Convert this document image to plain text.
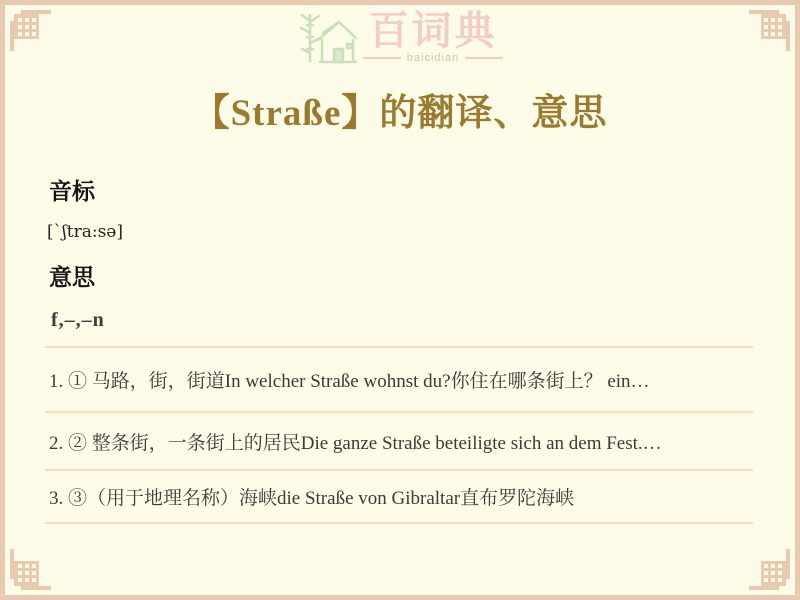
百词典
baicidian
【Straße】的翻译、意思
音标
[`ʃtra:sə]
意思
f,–,–n
1. ① 马路，街，街道In welcher Straße wohnst du?你住在哪条街上？ ein…
2. ② 整条街，一条街上的居民Die ganze Straße beteiligte sich an dem Fest.…
3. ③（用于地理名称）海峡die Straße von Gibraltar直布罗陀海峡
